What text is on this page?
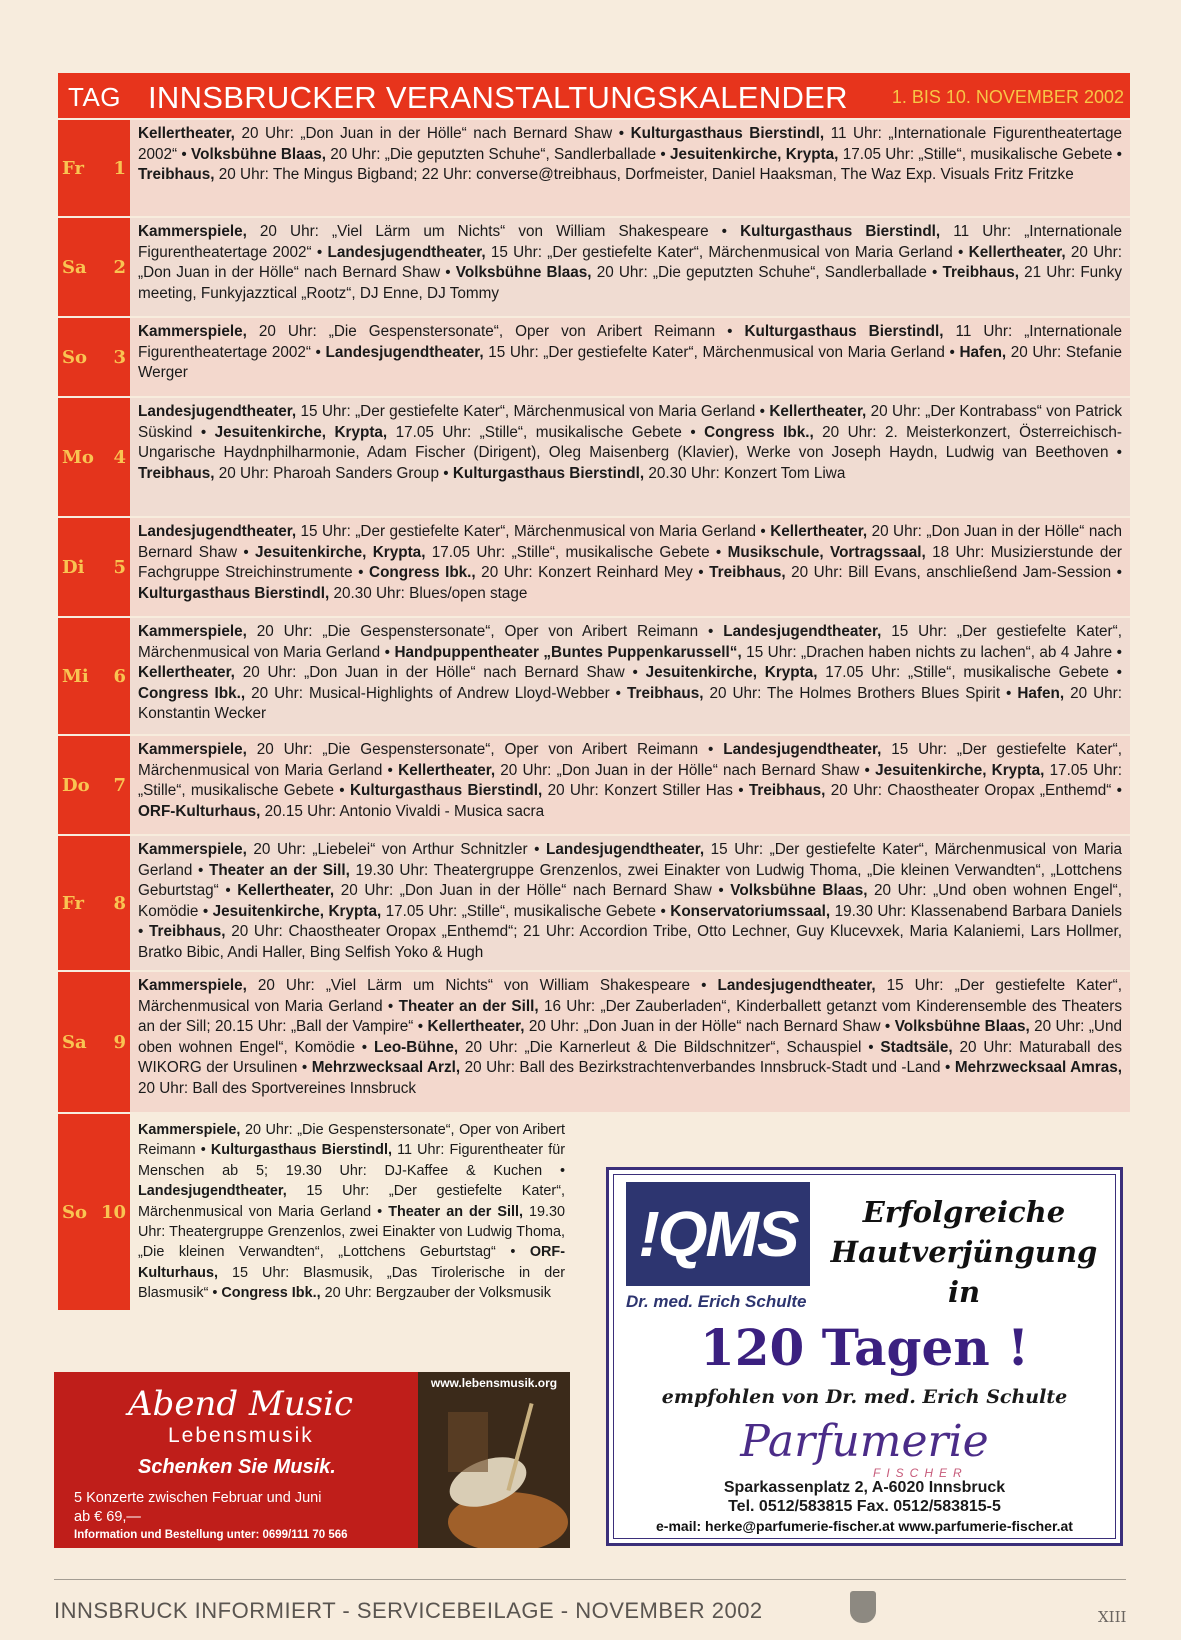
TAG INNSBRUCKER VERANSTALTUNGSKALENDER 1. BIS 10. NOVEMBER 2002
Fr 1
Kellertheater, 20 Uhr: „Don Juan in der Hölle“ nach Bernard Shaw • Kulturgasthaus Bierstindl, 11 Uhr: „Internationale Figurentheatertage 2002“ • Volksbühne Blaas, 20 Uhr: „Die geputzten Schuhe“, Sandlerballade • Jesuitenkirche, Krypta, 17.05 Uhr: „Stille“, musikalische Gebete • Treibhaus, 20 Uhr: The Mingus Bigband; 22 Uhr: converse@treibhaus, Dorfmeister, Daniel Haaksman, The Waz Exp. Visuals Fritz Fritzke
Sa 2
Kammerspiele, 20 Uhr: „Viel Lärm um Nichts“ von William Shakespeare • Kulturgasthaus Bierstindl, 11 Uhr: „Internationale Figurentheatertage 2002“ • Landesjugendtheater, 15 Uhr: „Der gestiefelte Kater“, Märchenmusical von Maria Gerland • Kellertheater, 20 Uhr: „Don Juan in der Hölle“ nach Bernard Shaw • Volksbühne Blaas, 20 Uhr: „Die geputzten Schuhe“, Sandlerballade • Treibhaus, 21 Uhr: Funky meeting, Funkyjazztical „Rootz“, DJ Enne, DJ Tommy
So 3
Kammerspiele, 20 Uhr: „Die Gespenstersonate“, Oper von Aribert Reimann • Kulturgasthaus Bierstindl, 11 Uhr: „Internationale Figurentheatertage 2002“ • Landesjugendtheater, 15 Uhr: „Der gestiefelte Kater“, Märchenmusical von Maria Gerland • Hafen, 20 Uhr: Stefanie Werger
Mo 4
Landesjugendtheater, 15 Uhr: „Der gestiefelte Kater“, Märchenmusical von Maria Gerland • Kellertheater, 20 Uhr: „Der Kontrabass“ von Patrick Süskind • Jesuitenkirche, Krypta, 17.05 Uhr: „Stille“, musikalische Gebete • Congress Ibk., 20 Uhr: 2. Meisterkonzert, Österreichisch-Ungarische Haydnphilharmonie, Adam Fischer (Dirigent), Oleg Maisenberg (Klavier), Werke von Joseph Haydn, Ludwig van Beethoven • Treibhaus, 20 Uhr: Pharoah Sanders Group • Kulturgasthaus Bierstindl, 20.30 Uhr: Konzert Tom Liwa
Di 5
Landesjugendtheater, 15 Uhr: „Der gestiefelte Kater“, Märchenmusical von Maria Gerland • Kellertheater, 20 Uhr: „Don Juan in der Hölle“ nach Bernard Shaw • Jesuitenkirche, Krypta, 17.05 Uhr: „Stille“, musikalische Gebete • Musikschule, Vortragssaal, 18 Uhr: Musizierstunde der Fachgruppe Streichinstrumente • Congress Ibk., 20 Uhr: Konzert Reinhard Mey • Treibhaus, 20 Uhr: Bill Evans, anschließend Jam-Session • Kulturgasthaus Bierstindl, 20.30 Uhr: Blues/open stage
Mi 6
Kammerspiele, 20 Uhr: „Die Gespenstersonate“, Oper von Aribert Reimann • Landesjugendtheater, 15 Uhr: „Der gestiefelte Kater“, Märchenmusical von Maria Gerland • Handpuppentheater „Buntes Puppenkarussell“, 15 Uhr: „Drachen haben nichts zu lachen“, ab 4 Jahre • Kellertheater, 20 Uhr: „Don Juan in der Hölle“ nach Bernard Shaw • Jesuitenkirche, Krypta, 17.05 Uhr: „Stille“, musikalische Gebete • Congress Ibk., 20 Uhr: Musical-Highlights of Andrew Lloyd-Webber • Treibhaus, 20 Uhr: The Holmes Brothers Blues Spirit • Hafen, 20 Uhr: Konstantin Wecker
Do 7
Kammerspiele, 20 Uhr: „Die Gespenstersonate“, Oper von Aribert Reimann • Landesjugendtheater, 15 Uhr: „Der gestiefelte Kater“, Märchenmusical von Maria Gerland • Kellertheater, 20 Uhr: „Don Juan in der Hölle“ nach Bernard Shaw • Jesuitenkirche, Krypta, 17.05 Uhr: „Stille“, musikalische Gebete • Kulturgasthaus Bierstindl, 20 Uhr: Konzert Stiller Has • Treibhaus, 20 Uhr: Chaostheater Oropax „Enthemd“ • ORF-Kulturhaus, 20.15 Uhr: Antonio Vivaldi - Musica sacra
Fr 8
Kammerspiele, 20 Uhr: „Liebelei“ von Arthur Schnitzler • Landesjugendtheater, 15 Uhr: „Der gestiefelte Kater“, Märchenmusical von Maria Gerland • Theater an der Sill, 19.30 Uhr: Theatergruppe Grenzenlos, zwei Einakter von Ludwig Thoma, „Die kleinen Verwandten“, „Lottchens Geburtstag“ • Kellertheater, 20 Uhr: „Don Juan in der Hölle“ nach Bernard Shaw • Volksbühne Blaas, 20 Uhr: „Und oben wohnen Engel“, Komödie • Jesuitenkirche, Krypta, 17.05 Uhr: „Stille“, musikalische Gebete • Konservatoriumssaal, 19.30 Uhr: Klassenabend Barbara Daniels • Treibhaus, 20 Uhr: Chaostheater Oropax „Enthemd“; 21 Uhr: Accordion Tribe, Otto Lechner, Guy Klucevxek, Maria Kalaniemi, Lars Hollmer, Bratko Bibic, Andi Haller, Bing Selfish Yoko & Hugh
Sa 9
Kammerspiele, 20 Uhr: „Viel Lärm um Nichts“ von William Shakespeare • Landesjugendtheater, 15 Uhr: „Der gestiefelte Kater“, Märchenmusical von Maria Gerland • Theater an der Sill, 16 Uhr: „Der Zauberladen“, Kinderballett getanzt vom Kinderensemble des Theaters an der Sill; 20.15 Uhr: „Ball der Vampire“ • Kellertheater, 20 Uhr: „Don Juan in der Hölle“ nach Bernard Shaw • Volksbühne Blaas, 20 Uhr: „Und oben wohnen Engel“, Komödie • Leo-Bühne, 20 Uhr: „Die Karnerleut & Die Bildschnitzer“, Schauspiel • Stadtsäle, 20 Uhr: Maturaball des WIKORG der Ursulinen • Mehrzwecksaal Arzl, 20 Uhr: Ball des Bezirkstrachtenverbandes Innsbruck-Stadt und -Land • Mehrzwecksaal Amras, 20 Uhr: Ball des Sportvereines Innsbruck
So 10
Kammerspiele, 20 Uhr: „Die Gespenstersonate“, Oper von Aribert Reimann • Kulturgasthaus Bierstindl, 11 Uhr: Figurentheater für Menschen ab 5; 19.30 Uhr: DJ-Kaffee & Kuchen • Landesjugendtheater, 15 Uhr: „Der gestiefelte Kater“, Märchenmusical von Maria Gerland • Theater an der Sill, 19.30 Uhr: Theatergruppe Grenzenlos, zwei Einakter von Ludwig Thoma, „Die kleinen Verwandten“, „Lottchens Geburtstag“ • ORF-Kulturhaus, 15 Uhr: Blasmusik, „Das Tirolerische in der Blasmusik“ • Congress Ibk., 20 Uhr: Bergzauber der Volksmusik
Abend Music
Lebensmusik
Schenken Sie Musik.
5 Konzerte zwischen Februar und Juni
ab € 69,—
Information und Bestellung unter: 0699/111 70 566
www.lebensmusik.org
!QMS
Dr. med. Erich Schulte
Erfolgreiche
Hautverjüngung
in
120 Tagen !
empfohlen von Dr. med. Erich Schulte
Parfumerie
FISCHER
Sparkassenplatz 2, A-6020 Innsbruck
Tel. 0512/583815 Fax. 0512/583815-5
e-mail: herke@parfumerie-fischer.at www.parfumerie-fischer.at
INNSBRUCK INFORMIERT - SERVICEBEILAGE - NOVEMBER 2002	XIII
